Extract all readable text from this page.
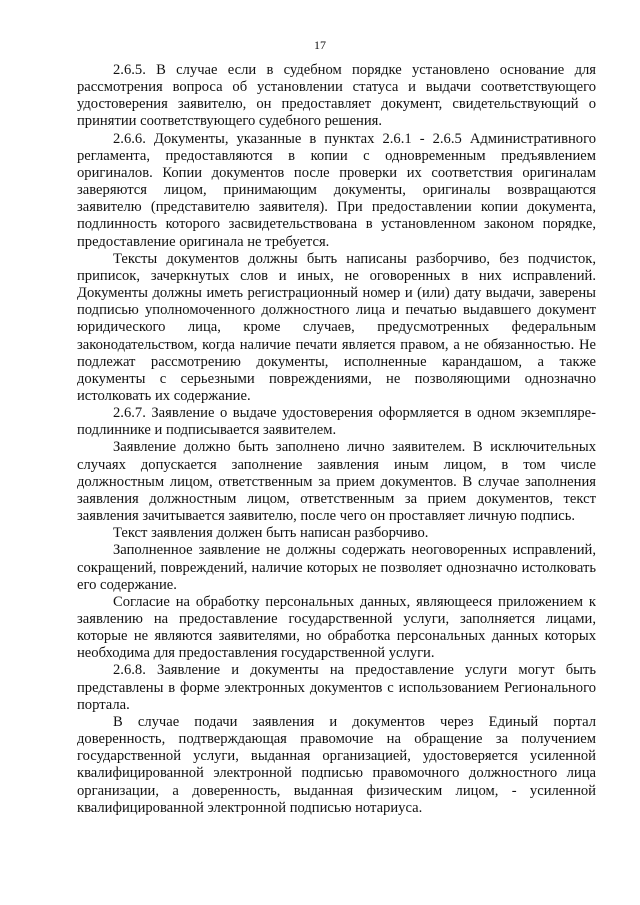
17

2.6.5. В случае если в судебном порядке установлено основание для рассмотрения вопроса об установлении статуса и выдачи соответствующего удостоверения заявителю, он предоставляет документ, свидетельствующий о принятии соответствующего судебного решения.

2.6.6. Документы, указанные в пунктах 2.6.1 - 2.6.5 Административного регламента, предоставляются в копии с одновременным предъявлением оригиналов. Копии документов после проверки их соответствия оригиналам заверяются лицом, принимающим документы, оригиналы возвращаются заявителю (представителю заявителя). При предоставлении копии документа, подлинность которого засвидетельствована в установленном законом порядке, предоставление оригинала не требуется.

Тексты документов должны быть написаны разборчиво, без подчисток, приписок, зачеркнутых слов и иных, не оговоренных в них исправлений. Документы должны иметь регистрационный номер и (или) дату выдачи, заверены подписью уполномоченного должностного лица и печатью выдавшего документ юридического лица, кроме случаев, предусмотренных федеральным законодательством, когда наличие печати является правом, а не обязанностью. Не подлежат рассмотрению документы, исполненные карандашом, а также документы с серьезными повреждениями, не позволяющими однозначно истолковать их содержание.

2.6.7. Заявление о выдаче удостоверения оформляется в одном экземпляре-подлиннике и подписывается заявителем.

Заявление должно быть заполнено лично заявителем. В исключительных случаях допускается заполнение заявления иным лицом, в том числе должностным лицом, ответственным за прием документов. В случае заполнения заявления должностным лицом, ответственным за прием документов, текст заявления зачитывается заявителю, после чего он проставляет личную подпись.

Текст заявления должен быть написан разборчиво.

Заполненное заявление не должны содержать неоговоренных исправлений, сокращений, повреждений, наличие которых не позволяет однозначно истолковать его содержание.

Согласие на обработку персональных данных, являющееся приложением к заявлению на предоставление государственной услуги, заполняется лицами, которые не являются заявителями, но обработка персональных данных которых необходима для предоставления государственной услуги.

2.6.8. Заявление и документы на предоставление услуги могут быть представлены в форме электронных документов с использованием Регионального портала.

В случае подачи заявления и документов через Единый портал доверенность, подтверждающая правомочие на обращение за получением государственной услуги, выданная организацией, удостоверяется усиленной квалифицированной электронной подписью правомочного должностного лица организации, а доверенность, выданная физическим лицом, - усиленной квалифицированной электронной подписью нотариуса.
